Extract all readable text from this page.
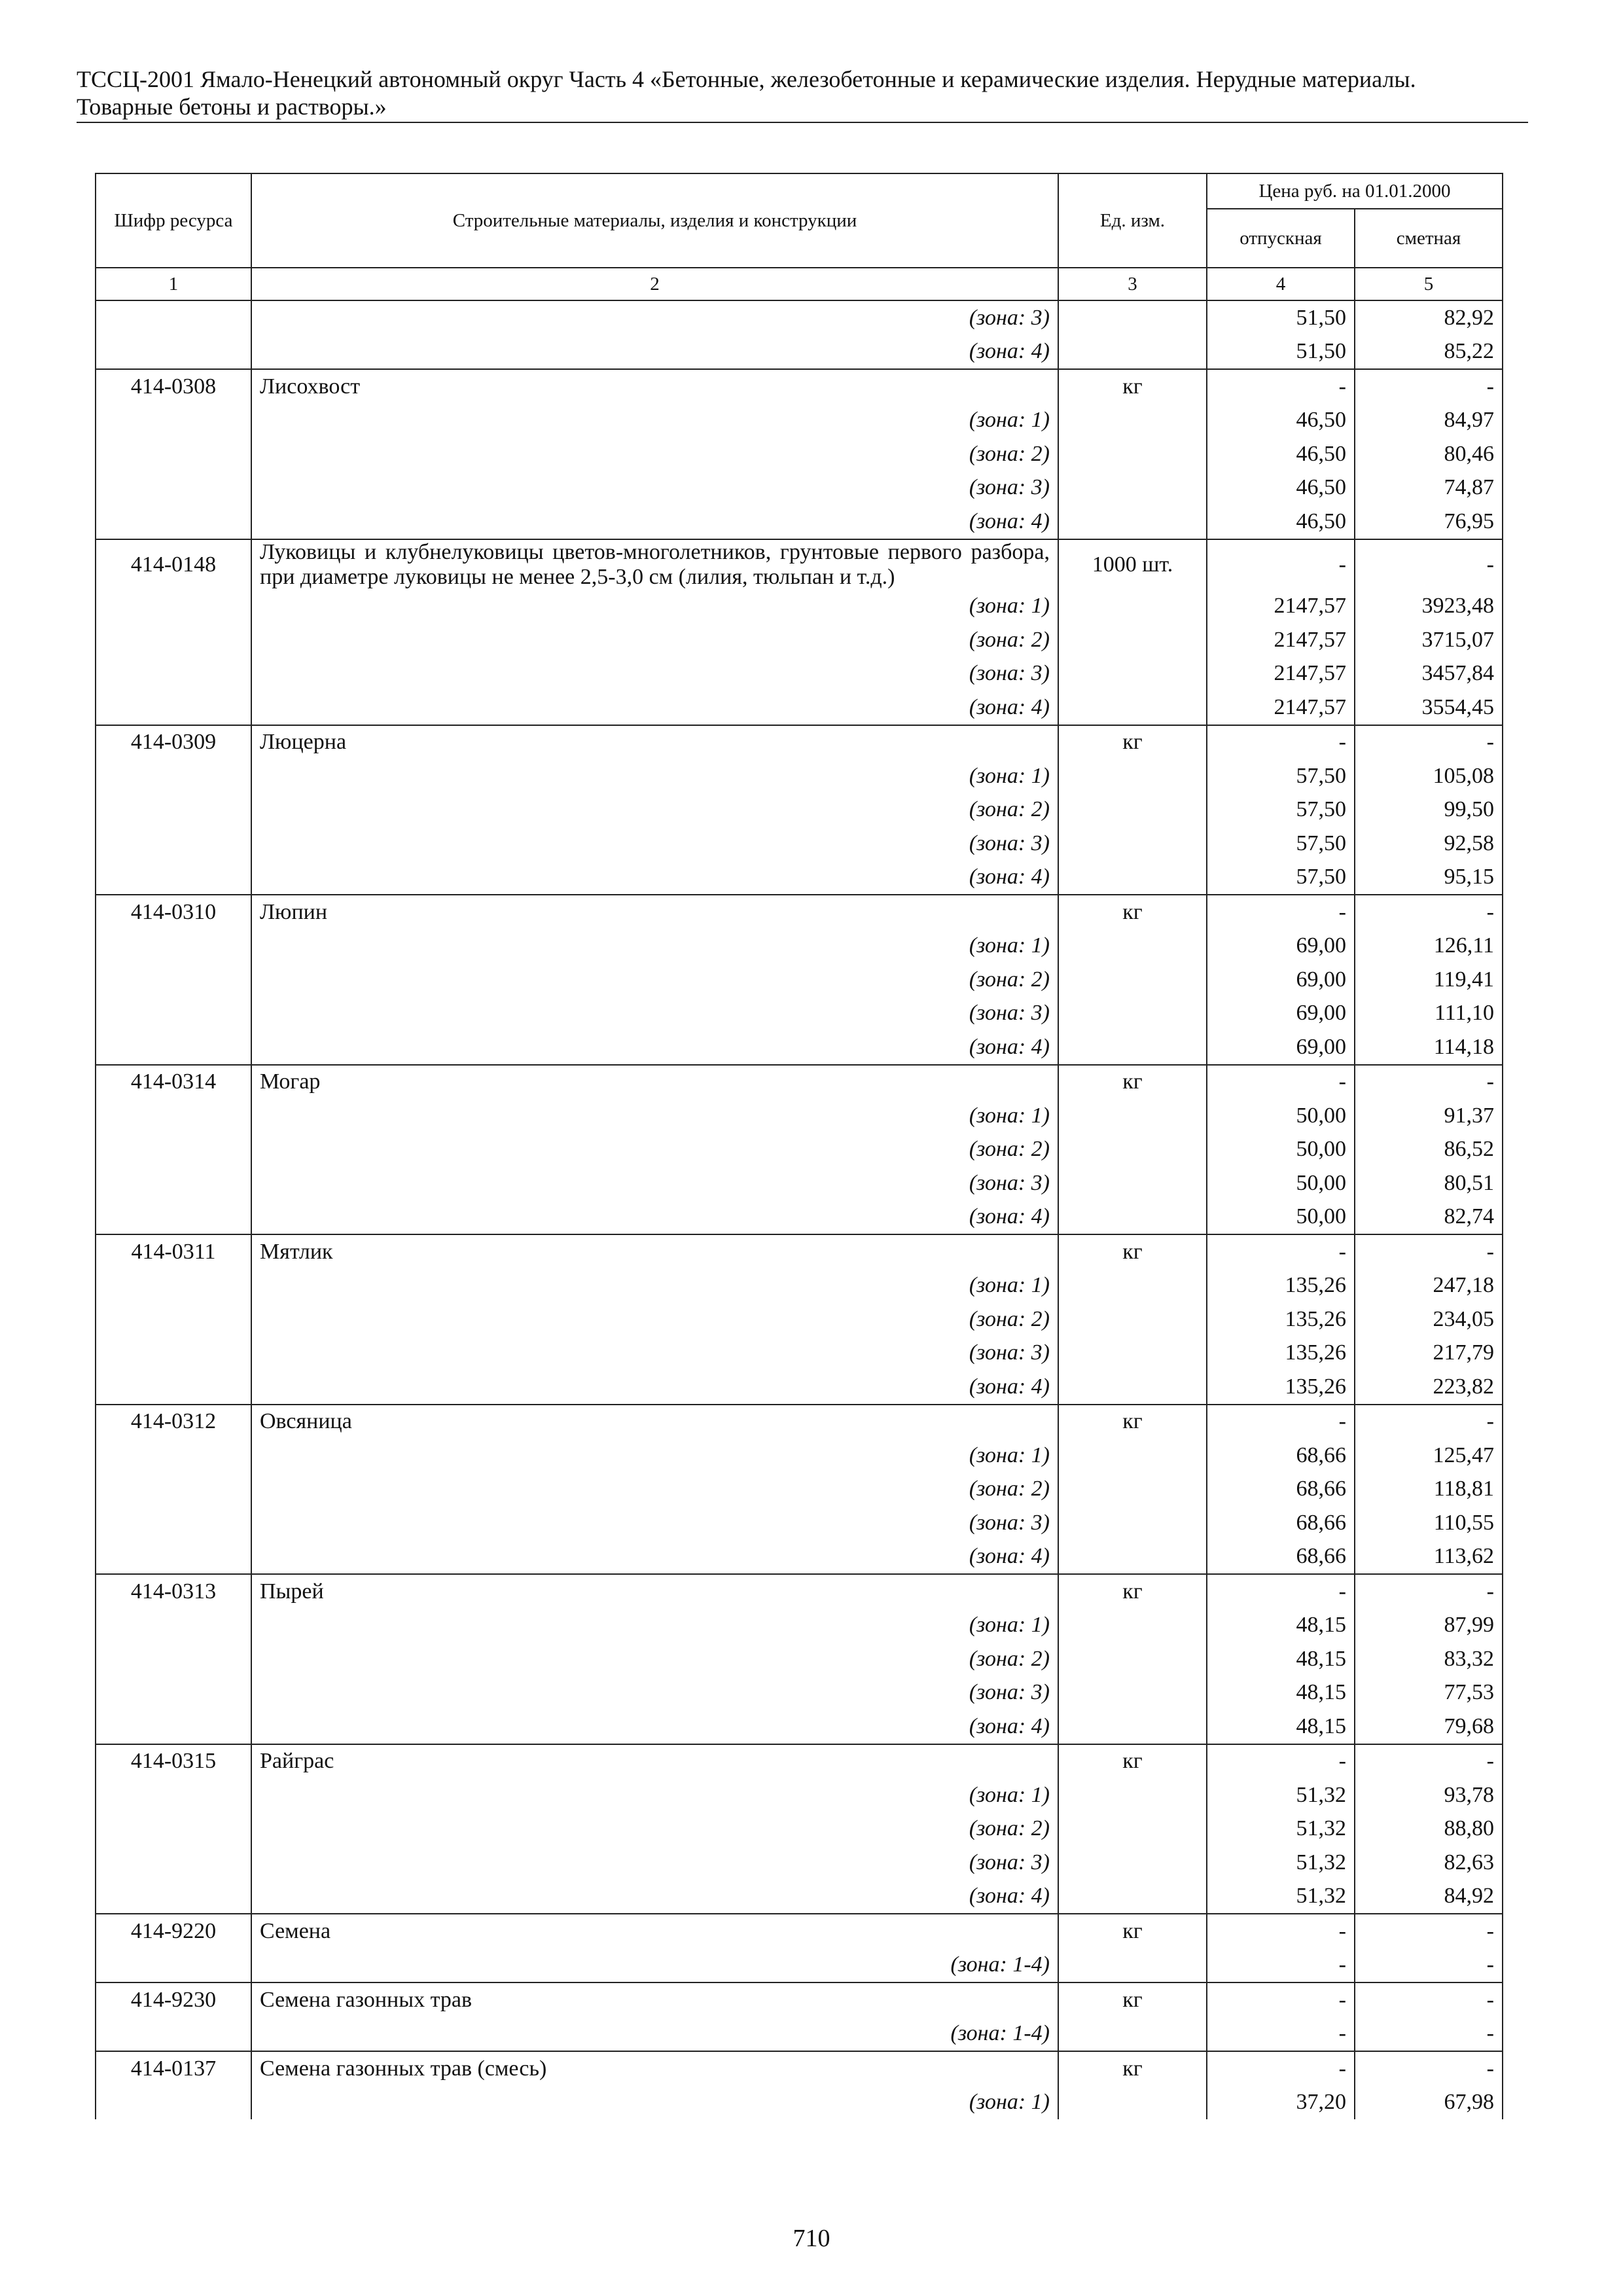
ТССЦ-2001 Ямало-Ненецкий автономный округ Часть 4 «Бетонные, железобетонные и керамические изделия. Нерудные материалы.
Товарные бетоны и растворы.»
Шифр ресурса	Строительные материалы, изделия и конструкции	Ед. изм.	Цена руб. на 01.01.2000	
			отпускная	сметная
1	2	3	4	5
	(зона: 3)		51,50	82,92
	(зона: 4)		51,50	85,22
414-0308	Лисохвост	кг	-	-
	(зона: 1)		46,50	84,97
	(зона: 2)		46,50	80,46
	(зона: 3)		46,50	74,87
	(зона: 4)		46,50	76,95
414-0148	Луковицы и клубнелуковицы цветов-многолетников, грунтовые первого разбора, при диаметре луковицы не менее 2,5-3,0 см (лилия, тюльпан и т.д.)	1000 шт.	-	-
	(зона: 1)		2147,57	3923,48
	(зона: 2)		2147,57	3715,07
	(зона: 3)		2147,57	3457,84
	(зона: 4)		2147,57	3554,45
414-0309	Люцерна	кг	-	-
	(зона: 1)		57,50	105,08
	(зона: 2)		57,50	99,50
	(зона: 3)		57,50	92,58
	(зона: 4)		57,50	95,15
414-0310	Люпин	кг	-	-
	(зона: 1)		69,00	126,11
	(зона: 2)		69,00	119,41
	(зона: 3)		69,00	111,10
	(зона: 4)		69,00	114,18
414-0314	Могар	кг	-	-
	(зона: 1)		50,00	91,37
	(зона: 2)		50,00	86,52
	(зона: 3)		50,00	80,51
	(зона: 4)		50,00	82,74
414-0311	Мятлик	кг	-	-
	(зона: 1)		135,26	247,18
	(зона: 2)		135,26	234,05
	(зона: 3)		135,26	217,79
	(зона: 4)		135,26	223,82
414-0312	Овсяница	кг	-	-
	(зона: 1)		68,66	125,47
	(зона: 2)		68,66	118,81
	(зона: 3)		68,66	110,55
	(зона: 4)		68,66	113,62
414-0313	Пырей	кг	-	-
	(зона: 1)		48,15	87,99
	(зона: 2)		48,15	83,32
	(зона: 3)		48,15	77,53
	(зона: 4)		48,15	79,68
414-0315	Райграс	кг	-	-
	(зона: 1)		51,32	93,78
	(зона: 2)		51,32	88,80
	(зона: 3)		51,32	82,63
	(зона: 4)		51,32	84,92
414-9220	Семена	кг	-	-
	(зона: 1-4)		-	-
414-9230	Семена газонных трав	кг	-	-
	(зона: 1-4)		-	-
414-0137	Семена газонных трав (смесь)	кг	-	-
	(зона: 1)		37,20	67,98
710
